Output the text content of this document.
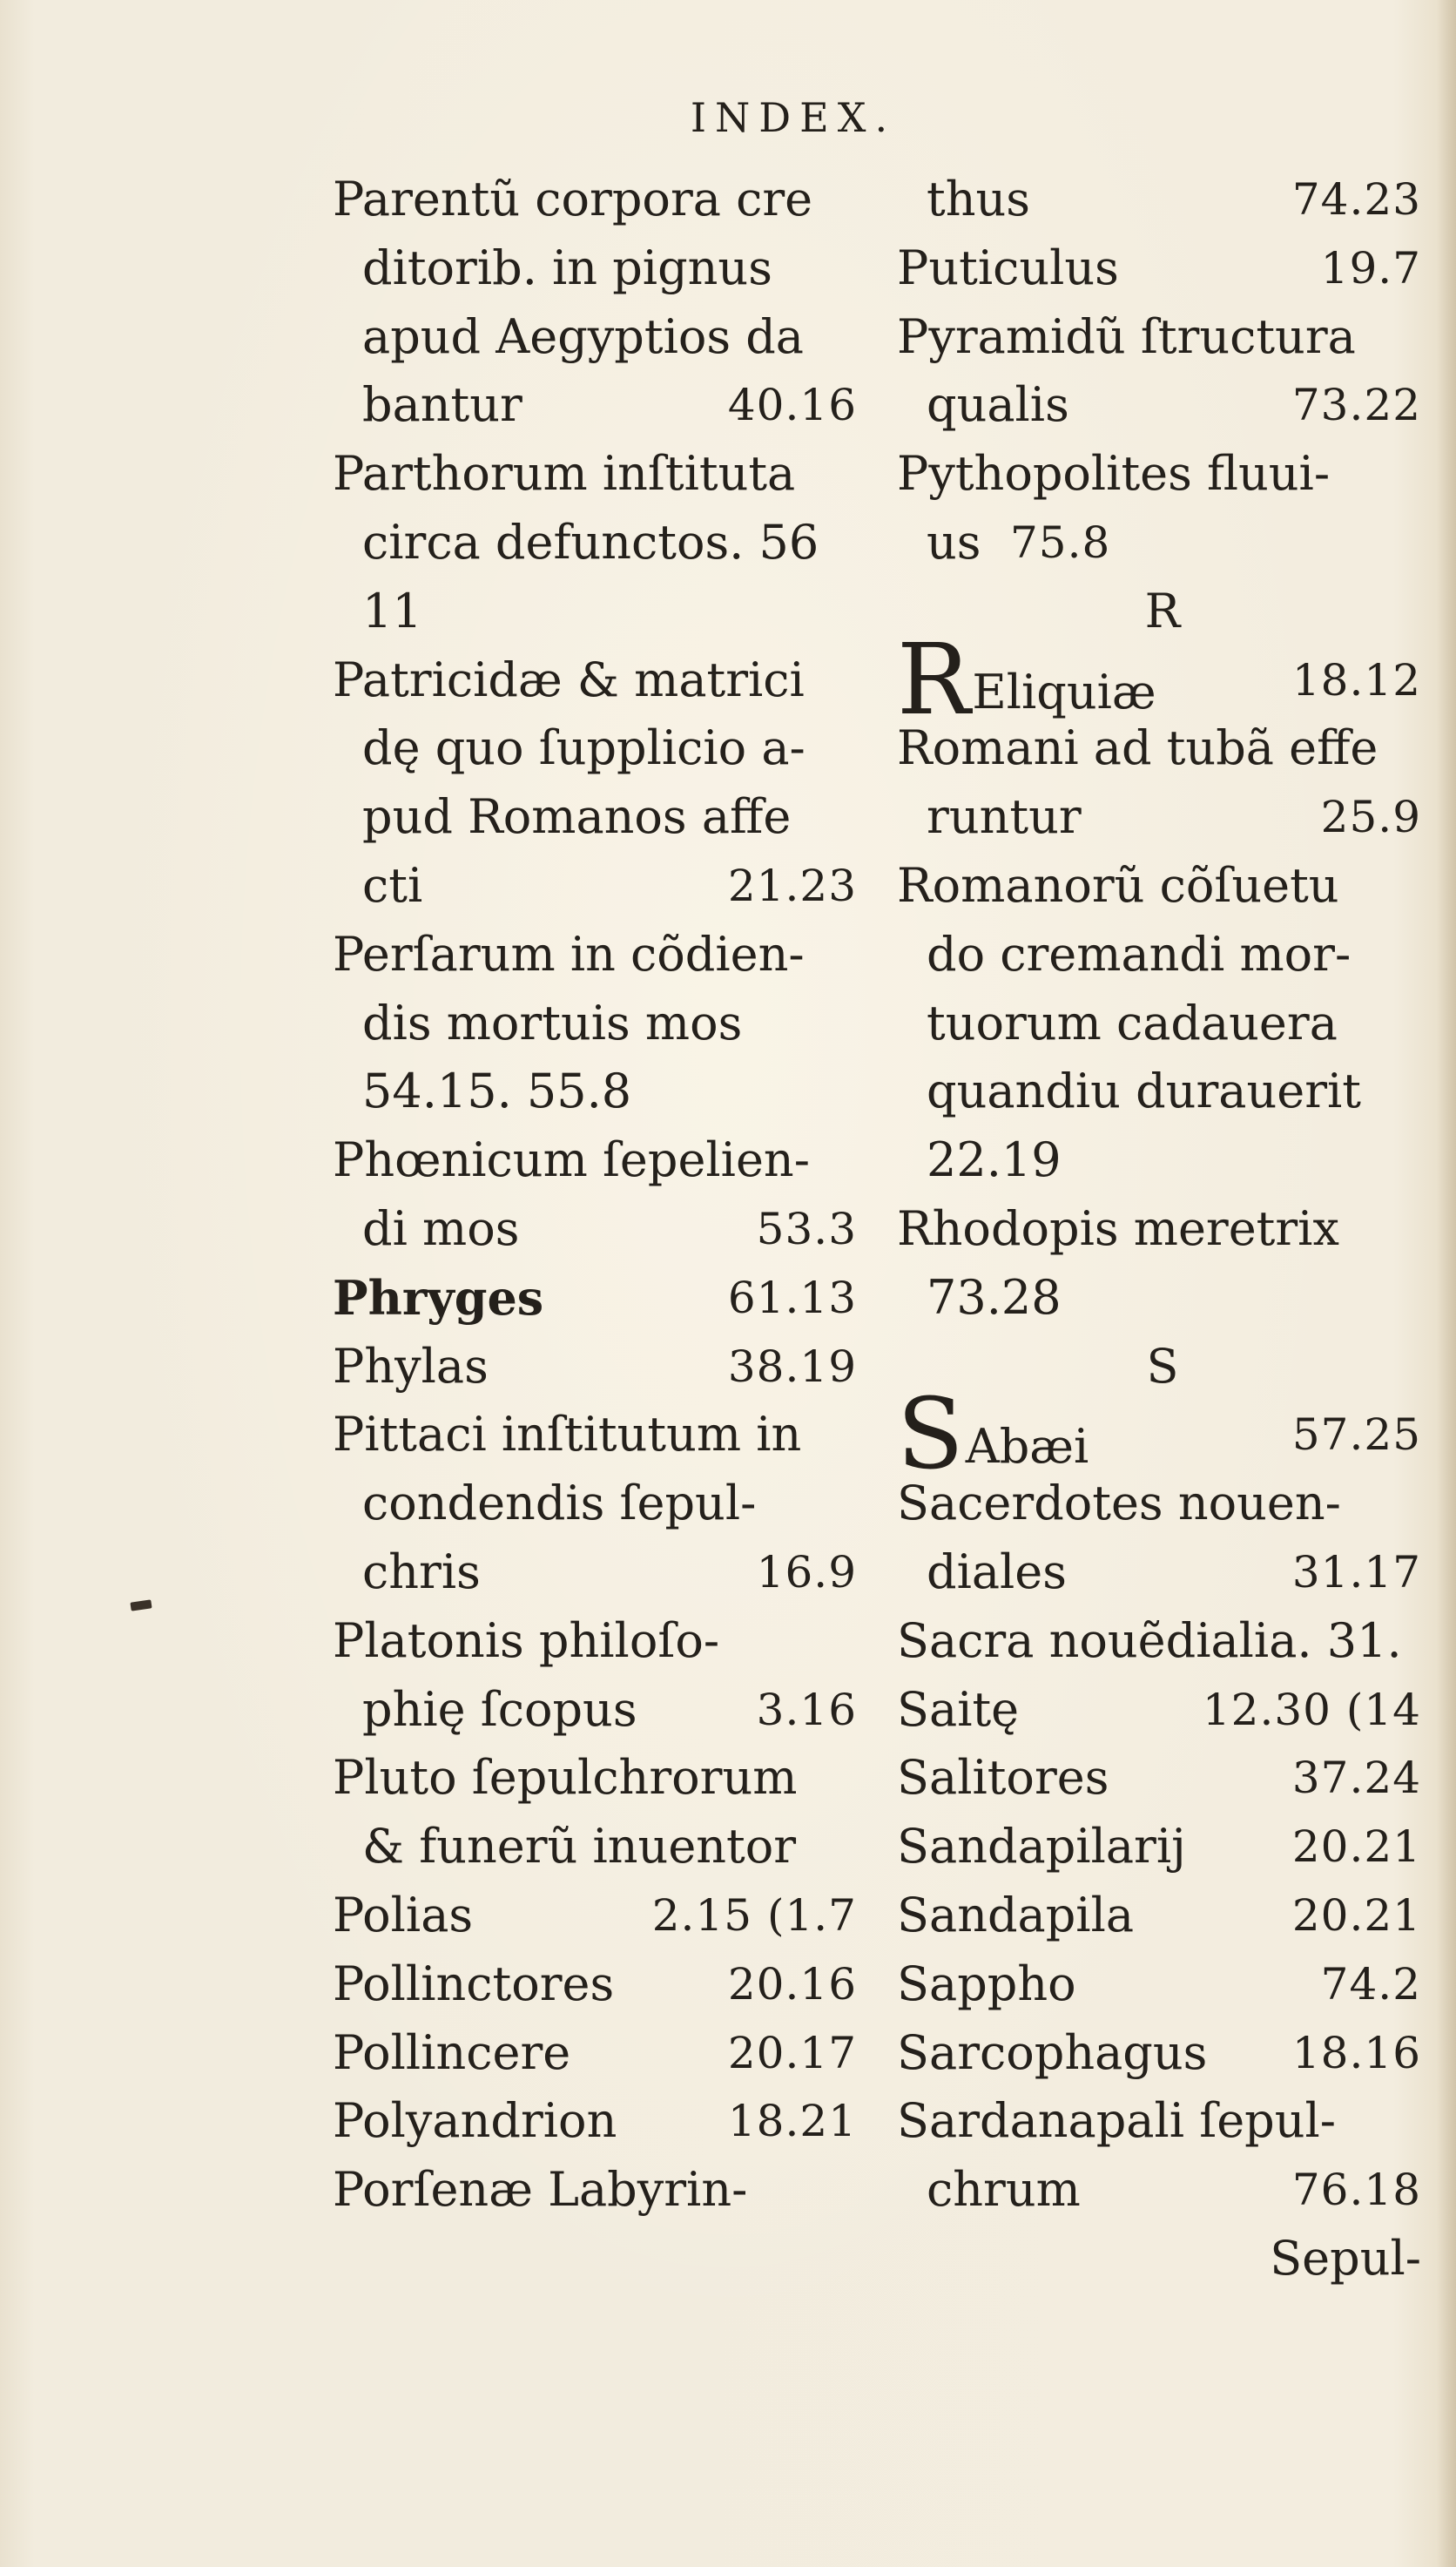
INDEX.
Parentũ corpora cre
ditorib. in pignus
apud Aegyptios da
bantur	40.16
Parthorum inſtituta
circa defunctos. 56
11
Patricidæ & matrici
dę quo ſupplicio a-
pud Romanos affe
cti	21.23
Perſarum in cõdien-
dis mortuis mos
54.15. 55.8
Phœnicum ſepelien-
di mos	53.3
Phryges	61.13
Phylas	38.19
Pittaci inſtitutum in
condendis ſepul-
chris	16.9
Platonis philoſo-
phię ſcopus	3.16
Pluto ſepulchrorum
& funerũ inuentor
Polias	2.15 (1.7
Pollinctores	20.16
Pollincere	20.17
Polyandrion	18.21
Porſenæ Labyrin-
thus	74.23
Puticulus	19.7
Pyramidũ ſtructura
qualis	73.22
Pythopolites fluui-
us 75.8
R
REliquiæ	18.12
Romani ad tubã effe
runtur	25.9
Romanorũ cõſuetu
do cremandi mor-
tuorum cadauera
quandiu durauerit
22.19
Rhodopis meretrix
73.28
S
SAbæi	57.25
Sacerdotes nouen-
diales	31.17
Sacra nouẽdialia. 31.
Saitę	12.30 (14
Salitores	37.24
Sandapilarij 20.21
Sandapila	20.21
Sappho	74.2
Sarcophagus 18.16
Sardanapali ſepul-
chrum	76.18
Sepul-
